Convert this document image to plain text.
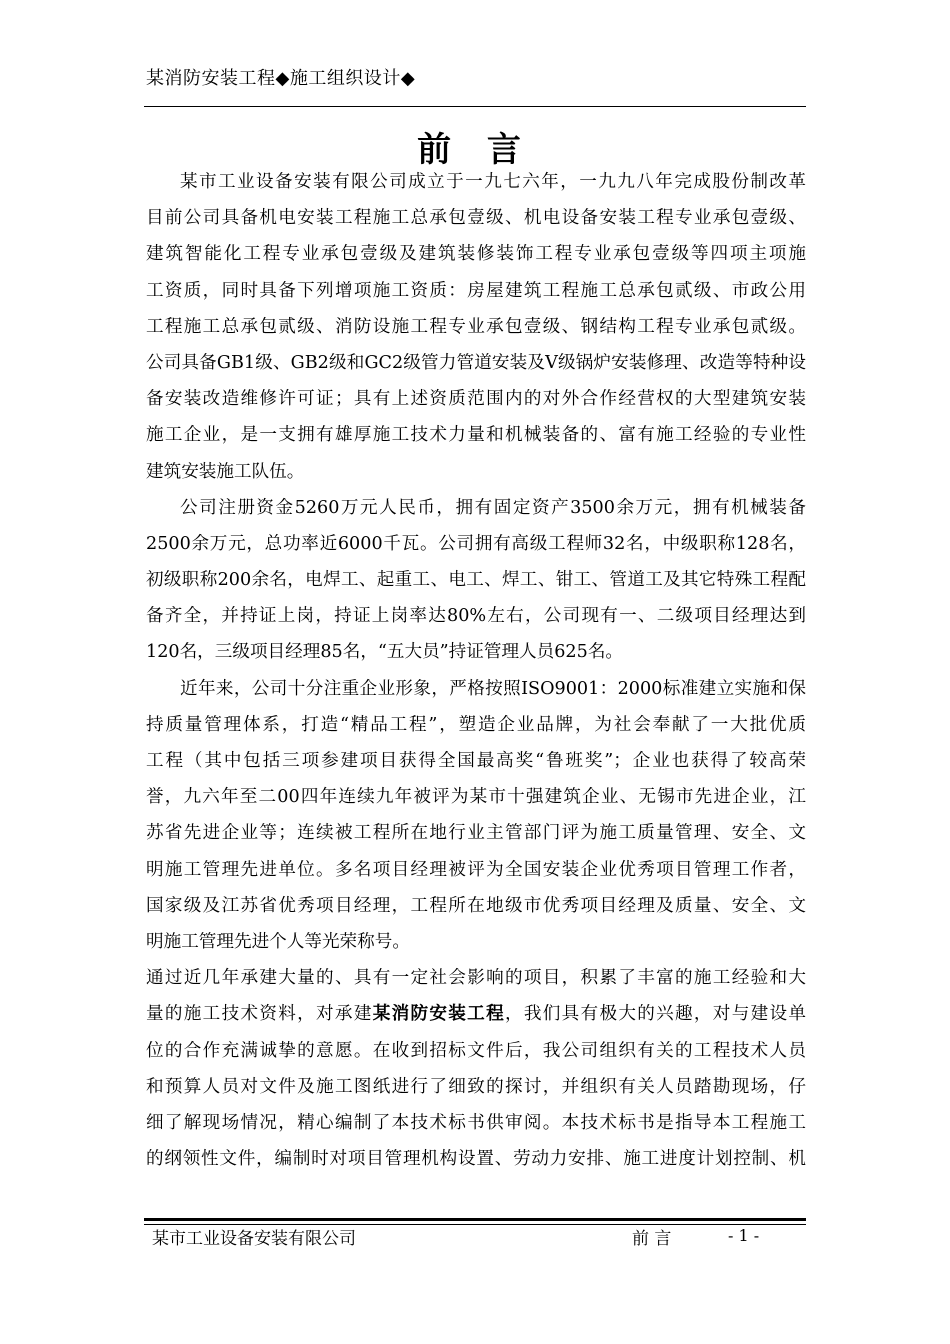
某消防安装工程◆施工组织设计◆
前 言
某市工业设备安装有限公司成立于一九七六年，一九九八年完成股份制改革
目前公司具备机电安装工程施工总承包壹级、机电设备安装工程专业承包壹级、
建筑智能化工程专业承包壹级及建筑装修装饰工程专业承包壹级等四项主项施
工资质，同时具备下列增项施工资质：房屋建筑工程施工总承包贰级、市政公用
工程施工总承包贰级、消防设施工程专业承包壹级、钢结构工程专业承包贰级。
公司具备GB1级、GB2级和GC2级管力管道安装及V级锅炉安装修理、改造等特种设
备安装改造维修许可证；具有上述资质范围内的对外合作经营权的大型建筑安装
施工企业，是一支拥有雄厚施工技术力量和机械装备的、富有施工经验的专业性
建筑安装施工队伍。
公司注册资金5260万元人民币，拥有固定资产3500余万元，拥有机械装备
2500余万元，总功率近6000千瓦。公司拥有高级工程师32名，中级职称128名，
初级职称200余名，电焊工、起重工、电工、焊工、钳工、管道工及其它特殊工程配
备齐全，并持证上岗，持证上岗率达80%左右，公司现有一、二级项目经理达到
120名，三级项目经理85名，“五大员”持证管理人员625名。
近年来，公司十分注重企业形象，严格按照ISO9001：2000标准建立实施和保
持质量管理体系，打造“精品工程”，塑造企业品牌，为社会奉献了一大批优质
工程（其中包括三项参建项目获得全国最高奖“鲁班奖”；企业也获得了较高荣
誉，九六年至二00四年连续九年被评为某市十强建筑企业、无锡市先进企业，江
苏省先进企业等；连续被工程所在地行业主管部门评为施工质量管理、安全、文
明施工管理先进单位。多名项目经理被评为全国安装企业优秀项目管理工作者，
国家级及江苏省优秀项目经理，工程所在地级市优秀项目经理及质量、安全、文
明施工管理先进个人等光荣称号。
通过近几年承建大量的、具有一定社会影响的项目，积累了丰富的施工经验和大
量的施工技术资料，对承建某消防安装工程，我们具有极大的兴趣，对与建设单
位的合作充满诚挚的意愿。在收到招标文件后，我公司组织有关的工程技术人员
和预算人员对文件及施工图纸进行了细致的探讨，并组织有关人员踏勘现场，仔
细了解现场情况，精心编制了本技术标书供审阅。本技术标书是指导本工程施工
的纲领性文件，编制时对项目管理机构设置、劳动力安排、施工进度计划控制、机
某市工业设备安装有限公司	前 言	- 1 -
